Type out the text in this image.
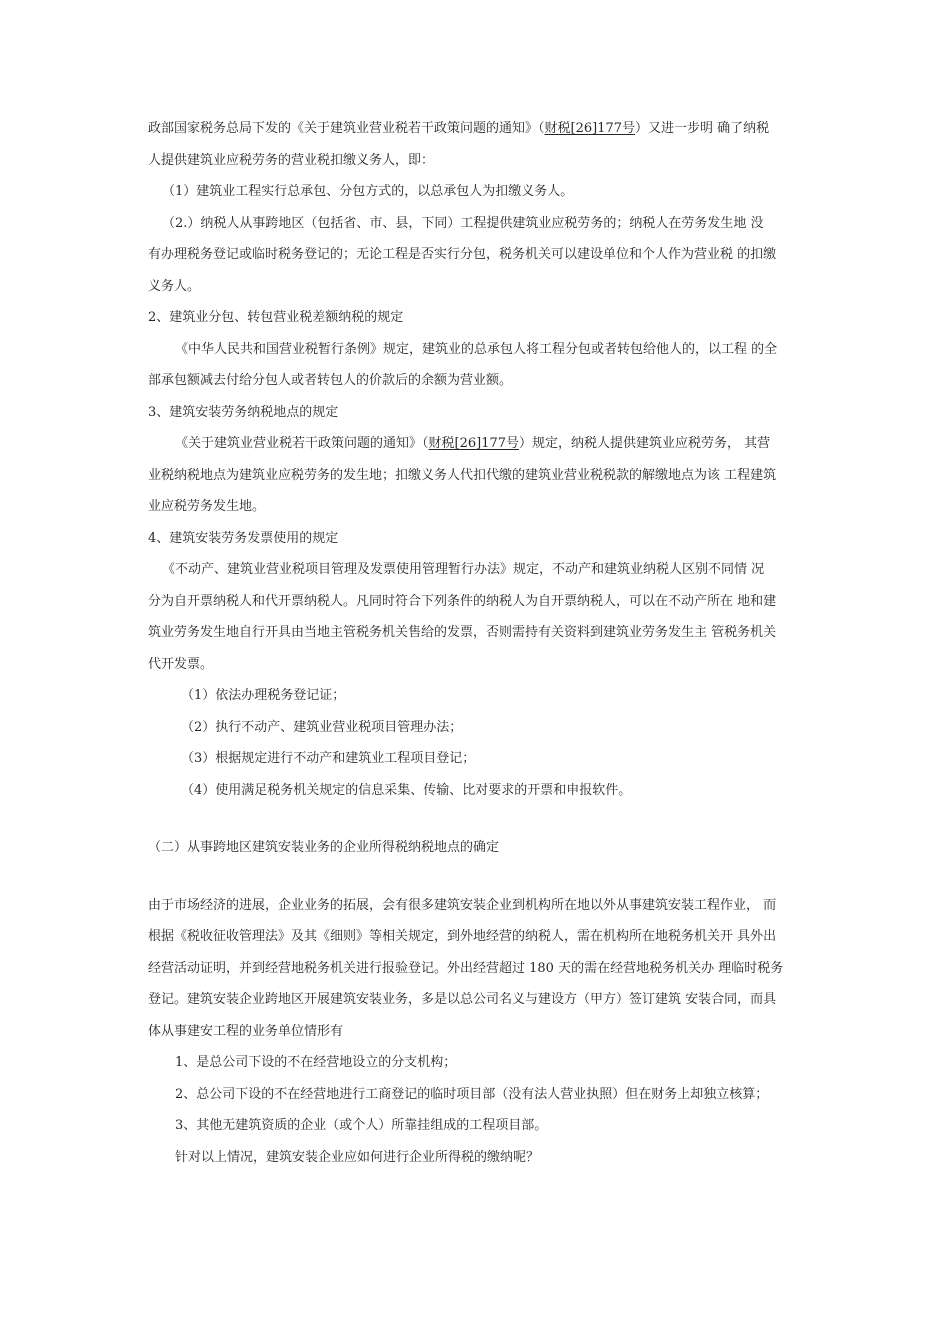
政部国家税务总局下发的《关于建筑业营业税若干政策问题的通知》（财税[26]177号）又进一步明 确了纳税
人提供建筑业应税劳务的营业税扣缴义务人，即：
（1）建筑业工程实行总承包、分包方式的，以总承包人为扣缴义务人。
（2.）纳税人从事跨地区（包括省、市、县，下同）工程提供建筑业应税劳务的；纳税人在劳务发生地 没
有办理税务登记或临时税务登记的；无论工程是否实行分包，税务机关可以建设单位和个人作为营业税 的扣缴
义务人。
2、建筑业分包、转包营业税差额纳税的规定
《中华人民共和国营业税暂行条例》规定，建筑业的总承包人将工程分包或者转包给他人的，以工程 的全
部承包额减去付给分包人或者转包人的价款后的余额为营业额。
3、建筑安装劳务纳税地点的规定
《关于建筑业营业税若干政策问题的通知》（财税[26]177号）规定，纳税人提供建筑业应税劳务， 其营
业税纳税地点为建筑业应税劳务的发生地；扣缴义务人代扣代缴的建筑业营业税税款的解缴地点为该 工程建筑
业应税劳务发生地。
4、建筑安装劳务发票使用的规定
《不动产、建筑业营业税项目管理及发票使用管理暂行办法》规定，不动产和建筑业纳税人区别不同情 况
分为自开票纳税人和代开票纳税人。凡同时符合下列条件的纳税人为自开票纳税人，可以在不动产所在 地和建
筑业劳务发生地自行开具由当地主管税务机关售给的发票，否则需持有关资料到建筑业劳务发生主 管税务机关
代开发票。
（1）依法办理税务登记证；
（2）执行不动产、建筑业营业税项目管理办法；
（3）根据规定进行不动产和建筑业工程项目登记；
（4）使用满足税务机关规定的信息采集、传输、比对要求的开票和申报软件。
（二）从事跨地区建筑安装业务的企业所得税纳税地点的确定
由于市场经济的进展，企业业务的拓展，会有很多建筑安装企业到机构所在地以外从事建筑安装工程作业， 而
根据《税收征收管理法》及其《细则》等相关规定，到外地经营的纳税人，需在机构所在地税务机关开 具外出
经营活动证明，并到经营地税务机关进行报验登记。外出经营超过 180 天的需在经营地税务机关办 理临时税务
登记。建筑安装企业跨地区开展建筑安装业务，多是以总公司名义与建设方（甲方）签订建筑 安装合同，而具
体从事建安工程的业务单位情形有
1、是总公司下设的不在经营地设立的分支机构；
2、总公司下设的不在经营地进行工商登记的临时项目部（没有法人营业执照）但在财务上却独立核算；
3、其他无建筑资质的企业（或个人）所靠挂组成的工程项目部。
针对以上情况，建筑安装企业应如何进行企业所得税的缴纳呢？
